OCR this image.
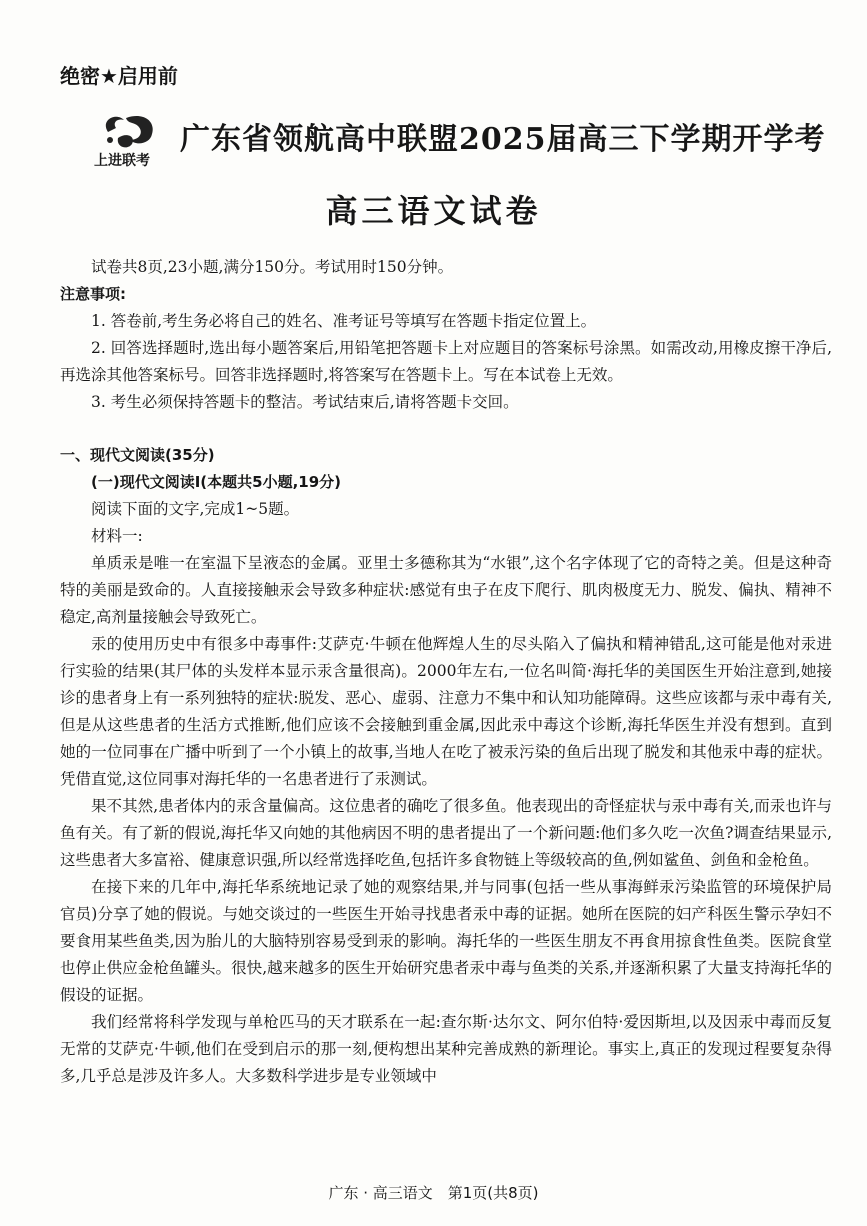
绝密★启用前
上进联考
广东省领航高中联盟2025届高三下学期开学考
高三语文试卷

试卷共8页,23小题,满分150分。考试用时150分钟。

注意事项:

1. 答卷前,考生务必将自己的姓名、准考证号等填写在答题卡指定位置上。

2. 回答选择题时,选出每小题答案后,用铅笔把答题卡上对应题目的答案标号涂黑。如需改动,用橡皮擦干净后,再选涂其他答案标号。回答非选择题时,将答案写在答题卡上。写在本试卷上无效。

3. 考生必须保持答题卡的整洁。考试结束后,请将答题卡交回。

一、现代文阅读(35分)

(一)现代文阅读Ⅰ(本题共5小题,19分)

阅读下面的文字,完成1~5题。

材料一:

单质汞是唯一在室温下呈液态的金属。亚里士多德称其为“水银”,这个名字体现了它的奇特之美。但是这种奇特的美丽是致命的。人直接接触汞会导致多种症状:感觉有虫子在皮下爬行、肌肉极度无力、脱发、偏执、精神不稳定,高剂量接触会导致死亡。

汞的使用历史中有很多中毒事件:艾萨克·牛顿在他辉煌人生的尽头陷入了偏执和精神错乱,这可能是他对汞进行实验的结果(其尸体的头发样本显示汞含量很高)。2000年左右,一位名叫简·海托华的美国医生开始注意到,她接诊的患者身上有一系列独特的症状:脱发、恶心、虚弱、注意力不集中和认知功能障碍。这些应该都与汞中毒有关,但是从这些患者的生活方式推断,他们应该不会接触到重金属,因此汞中毒这个诊断,海托华医生并没有想到。直到她的一位同事在广播中听到了一个小镇上的故事,当地人在吃了被汞污染的鱼后出现了脱发和其他汞中毒的症状。凭借直觉,这位同事对海托华的一名患者进行了汞测试。

果不其然,患者体内的汞含量偏高。这位患者的确吃了很多鱼。他表现出的奇怪症状与汞中毒有关,而汞也许与鱼有关。有了新的假说,海托华又向她的其他病因不明的患者提出了一个新问题:他们多久吃一次鱼?调查结果显示,这些患者大多富裕、健康意识强,所以经常选择吃鱼,包括许多食物链上等级较高的鱼,例如鲨鱼、剑鱼和金枪鱼。

在接下来的几年中,海托华系统地记录了她的观察结果,并与同事(包括一些从事海鲜汞污染监管的环境保护局官员)分享了她的假说。与她交谈过的一些医生开始寻找患者汞中毒的证据。她所在医院的妇产科医生警示孕妇不要食用某些鱼类,因为胎儿的大脑特别容易受到汞的影响。海托华的一些医生朋友不再食用掠食性鱼类。医院食堂也停止供应金枪鱼罐头。很快,越来越多的医生开始研究患者汞中毒与鱼类的关系,并逐渐积累了大量支持海托华的假设的证据。

我们经常将科学发现与单枪匹马的天才联系在一起:查尔斯·达尔文、阿尔伯特·爱因斯坦,以及因汞中毒而反复无常的艾萨克·牛顿,他们在受到启示的那一刻,便构想出某种完善成熟的新理论。事实上,真正的发现过程要复杂得多,几乎总是涉及许多人。大多数科学进步是专业领域中

广东 · 高三语文　第1页(共8页)
